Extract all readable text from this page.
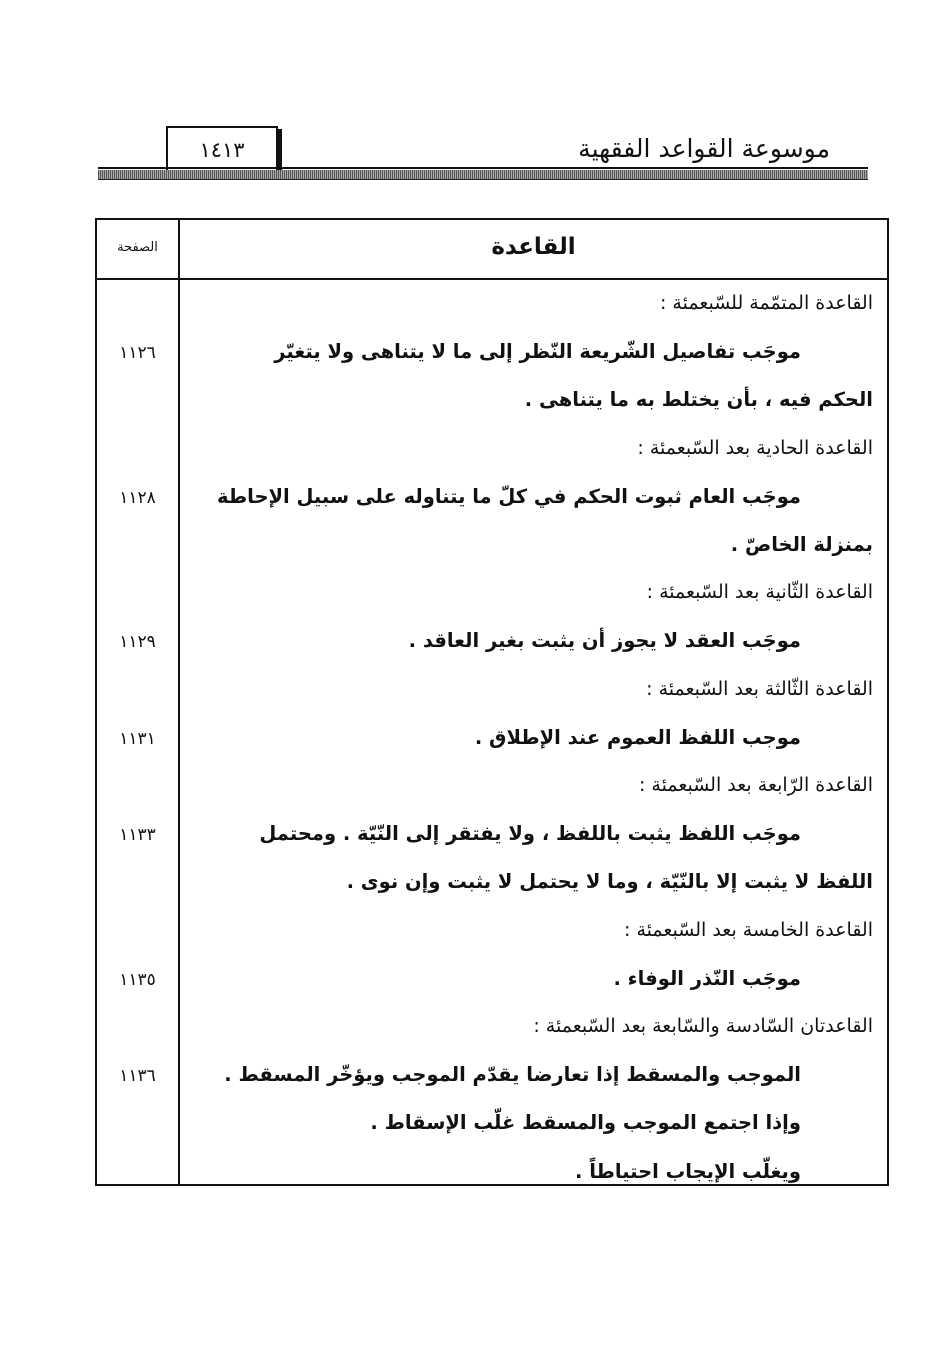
موسوعة القواعد الفقهية
١٤١٣
الصفحة	القاعدة
القاعدة المتمّمة للسّبعمئة :
موجَب تفاصيل الشّريعة النّظر إلى ما لا يتناهى ولا يتغيّر
١١٢٦
الحكم فيه ، بأن يختلط به ما يتناهى .
القاعدة الحادية بعد السّبعمئة :
موجَب العام ثبوت الحكم في كلّ ما يتناوله على سبيل الإحاطة
١١٢٨
بمنزلة الخاصّ .
القاعدة الثّانية بعد السّبعمئة :
موجَب العقد لا يجوز أن يثبت بغير العاقد .
١١٢٩
القاعدة الثّالثة بعد السّبعمئة :
موجب اللفظ العموم عند الإطلاق .
١١٣١
القاعدة الرّابعة بعد السّبعمئة :
موجَب اللفظ يثبت باللفظ ، ولا يفتقر إلى النّيّة . ومحتمل
١١٣٣
اللفظ لا يثبت إلا بالنّيّة ، وما لا يحتمل لا يثبت وإن نوى .
القاعدة الخامسة بعد السّبعمئة :
موجَب النّذر الوفاء .
١١٣٥
القاعدتان السّادسة والسّابعة بعد السّبعمئة :
الموجب والمسقط إذا تعارضا يقدّم الموجب ويؤخّر المسقط .
١١٣٦
وإذا اجتمع الموجب والمسقط غلّب الإسقاط .
ويغلّب الإيجاب احتياطاً .
